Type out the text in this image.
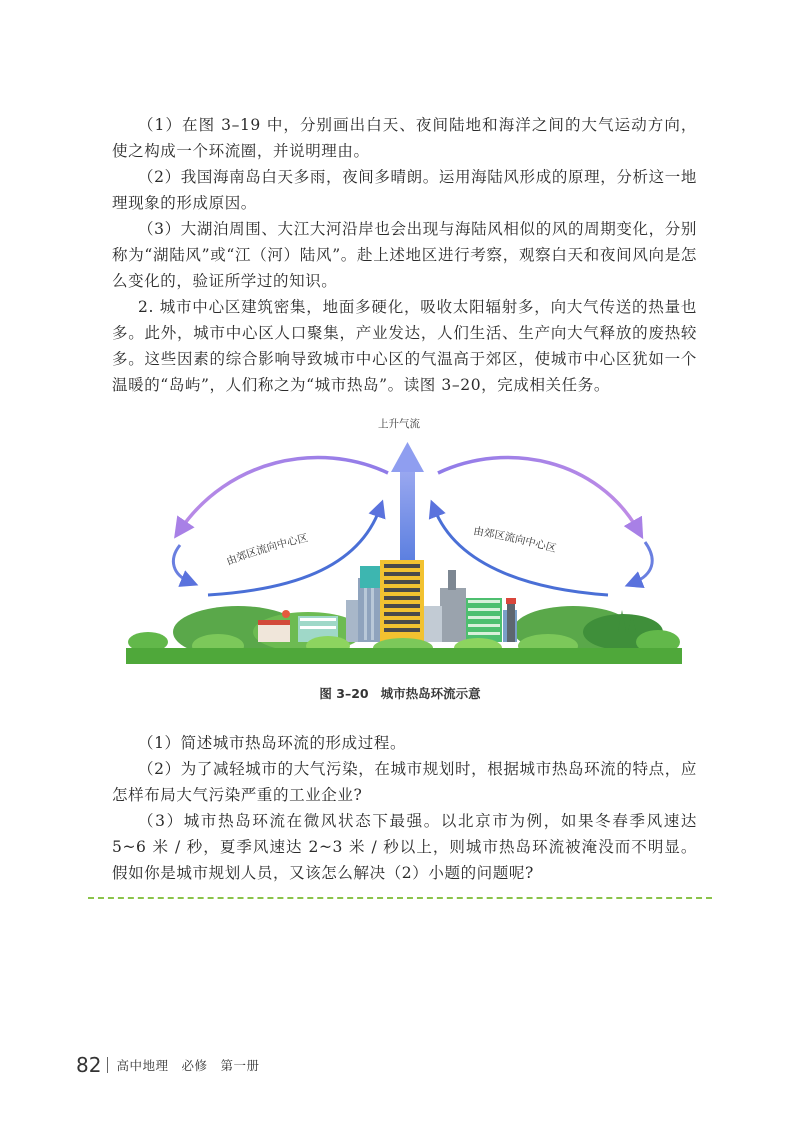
（1）在图 3–19 中，分别画出白天、夜间陆地和海洋之间的大气运动方向，使之构成一个环流圈，并说明理由。

（2）我国海南岛白天多雨，夜间多晴朗。运用海陆风形成的原理，分析这一地理现象的形成原因。

（3）大湖泊周围、大江大河沿岸也会出现与海陆风相似的风的周期变化，分别称为“湖陆风”或“江（河）陆风”。赴上述地区进行考察，观察白天和夜间风向是怎么变化的，验证所学过的知识。

2. 城市中心区建筑密集，地面多硬化，吸收太阳辐射多，向大气传送的热量也多。此外，城市中心区人口聚集，产业发达，人们生活、生产向大气释放的废热较多。这些因素的综合影响导致城市中心区的气温高于郊区，使城市中心区犹如一个温暖的“岛屿”，人们称之为“城市热岛”。读图 3–20，完成相关任务。

上升气流
由郊区流向中心区
由郊区流向中心区
图 3–20 城市热岛环流示意

（1）简述城市热岛环流的形成过程。

（2）为了减轻城市的大气污染，在城市规划时，根据城市热岛环流的特点，应怎样布局大气污染严重的工业企业?

（3）城市热岛环流在微风状态下最强。以北京市为例，如果冬春季风速达 5~6 米 / 秒，夏季风速达 2~3 米 / 秒以上，则城市热岛环流被淹没而不明显。假如你是城市规划人员，又该怎么解决（2）小题的问题呢?

82 高中地理　必修　第一册
